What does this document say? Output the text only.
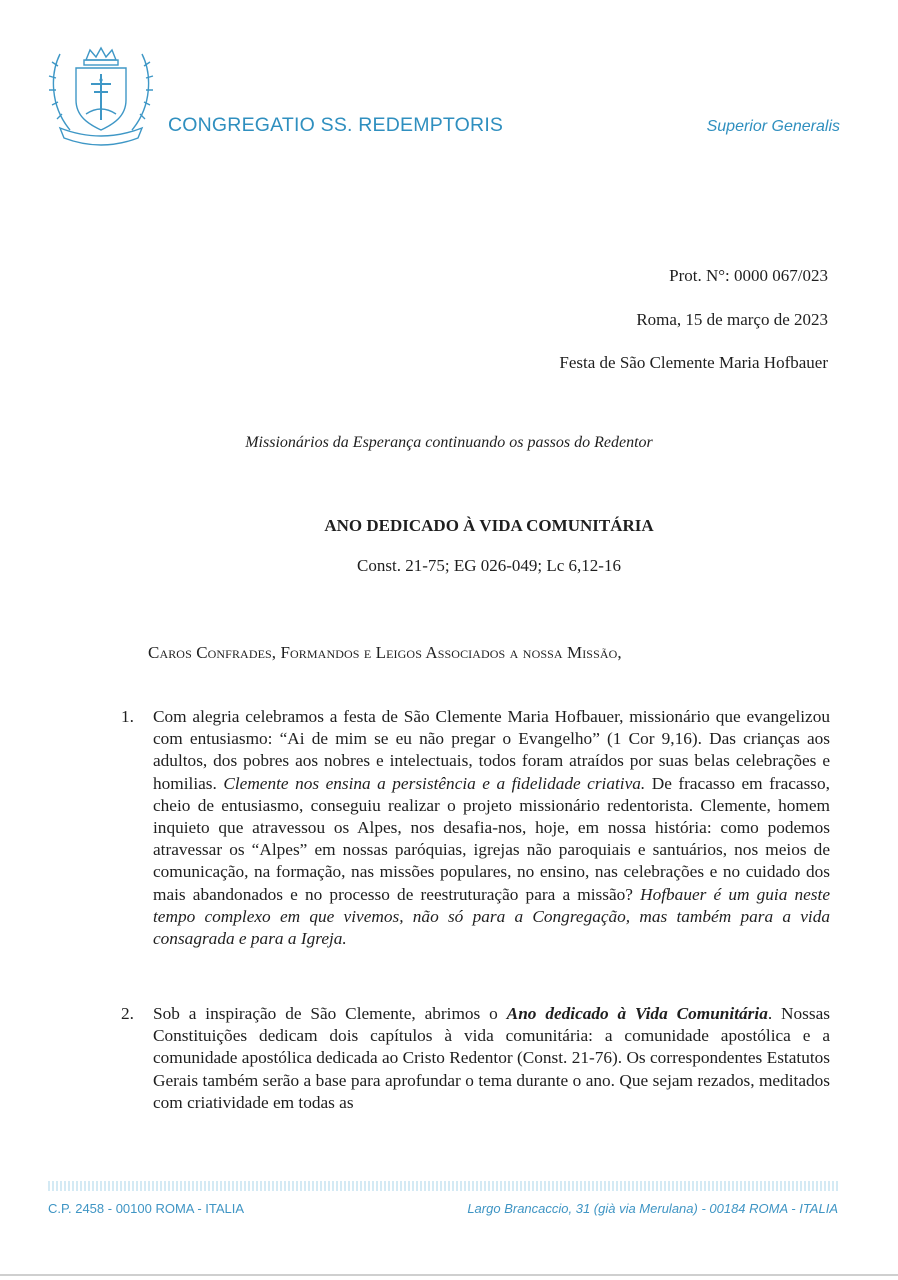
CONGREGATIO SS. REDEMPTORIS	Superior Generalis
Prot. N°: 0000 067/023
Roma, 15 de março de 2023
Festa de São Clemente Maria Hofbauer
Missionários da Esperança continuando os passos do Redentor
ANO DEDICADO À VIDA COMUNITÁRIA
Const. 21-75; EG 026-049; Lc 6,12-16
Caros Confrades, Formandos e Leigos Associados a nossa Missão,
1. Com alegria celebramos a festa de São Clemente Maria Hofbauer, missionário que evangelizou com entusiasmo: “Ai de mim se eu não pregar o Evangelho” (1 Cor 9,16). Das crianças aos adultos, dos pobres aos nobres e intelectuais, todos foram atraídos por suas belas celebrações e homilias. Clemente nos ensina a persistência e a fidelidade criativa. De fracasso em fracasso, cheio de entusiasmo, conseguiu realizar o projeto missionário redentorista. Clemente, homem inquieto que atravessou os Alpes, nos desafia-nos, hoje, em nossa história: como podemos atravessar os “Alpes” em nossas paróquias, igrejas não paroquiais e santuários, nos meios de comunicação, na formação, nas missões populares, no ensino, nas celebrações e no cuidado dos mais abandonados e no processo de reestruturação para a missão? Hofbauer é um guia neste tempo complexo em que vivemos, não só para a Congregação, mas também para a vida consagrada e para a Igreja.
2. Sob a inspiração de São Clemente, abrimos o Ano dedicado à Vida Comunitária. Nossas Constituições dedicam dois capítulos à vida comunitária: a comunidade apostólica e a comunidade apostólica dedicada ao Cristo Redentor (Const. 21-76). Os correspondentes Estatutos Gerais também serão a base para aprofundar o tema durante o ano. Que sejam rezados, meditados com criatividade em todas as
C.P. 2458 - 00100 ROMA - ITALIA	Largo Brancaccio, 31 (già via Merulana) - 00184 ROMA - ITALIA
